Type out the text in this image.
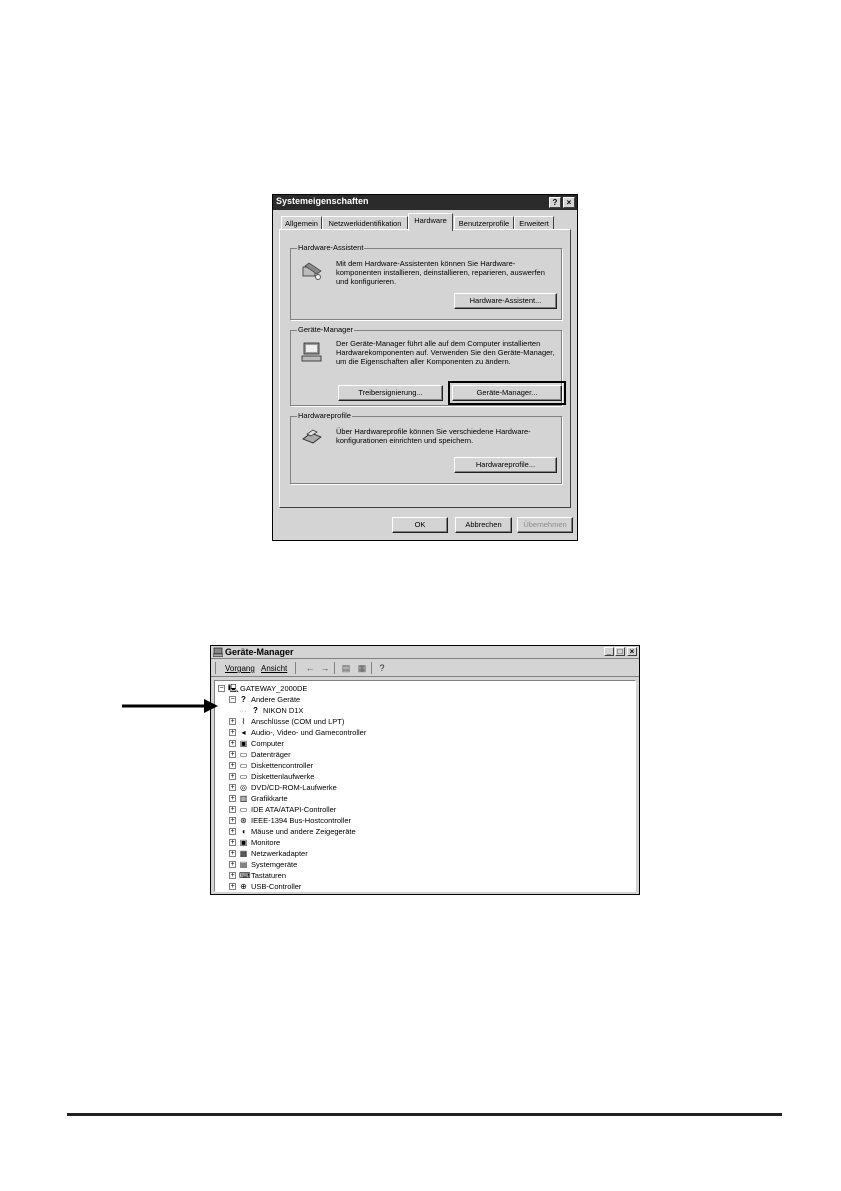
Systemeigenschaften	?	×
Allgemein	Netzwerkidentifikation	Hardware	Benutzerprofile	Erweitert
Hardware-Assistent
Mit dem Hardware-Assistenten können Sie Hardware-komponenten installieren, deinstallieren, reparieren, auswerfen und konfigurieren.
Hardware-Assistent...
Geräte-Manager
Der Geräte-Manager führt alle auf dem Computer installierten Hardwarekomponenten auf. Verwenden Sie den Geräte-Manager, um die Eigenschaften aller Komponenten zu ändern.
Treibersignierung...	Geräte-Manager...
Hardwareprofile
Über Hardwareprofile können Sie verschiedene Hardware-konfigurationen einrichten und speichern.
Hardwareprofile...
OK	Abbrechen	Übernehmen
Geräte-Manager	_ □ ×
Vorgang Ansicht ← → ▤ ▦ ?
− 🖳 GATEWAY_2000DE
− ? Andere Geräte
··· ? NIKON D1X
+ ⌇ Anschlüsse (COM und LPT)
+ ◂ Audio-, Video- und Gamecontroller
+ ▣ Computer
+ ▭ Datenträger
+ ▭ Diskettencontroller
+ ▭ Diskettenlaufwerke
+ ◎ DVD/CD-ROM-Laufwerke
+ ▥ Grafikkarte
+ ▭ IDE ATA/ATAPI-Controller
+ ⊛ IEEE-1394 Bus-Hostcontroller
+ ◖ Mäuse und andere Zeigegeräte
+ ▣ Monitore
+ ▦ Netzwerkadapter
+ ▤ Systemgeräte
+ ⌨ Tastaturen
+ ⊕ USB-Controller
